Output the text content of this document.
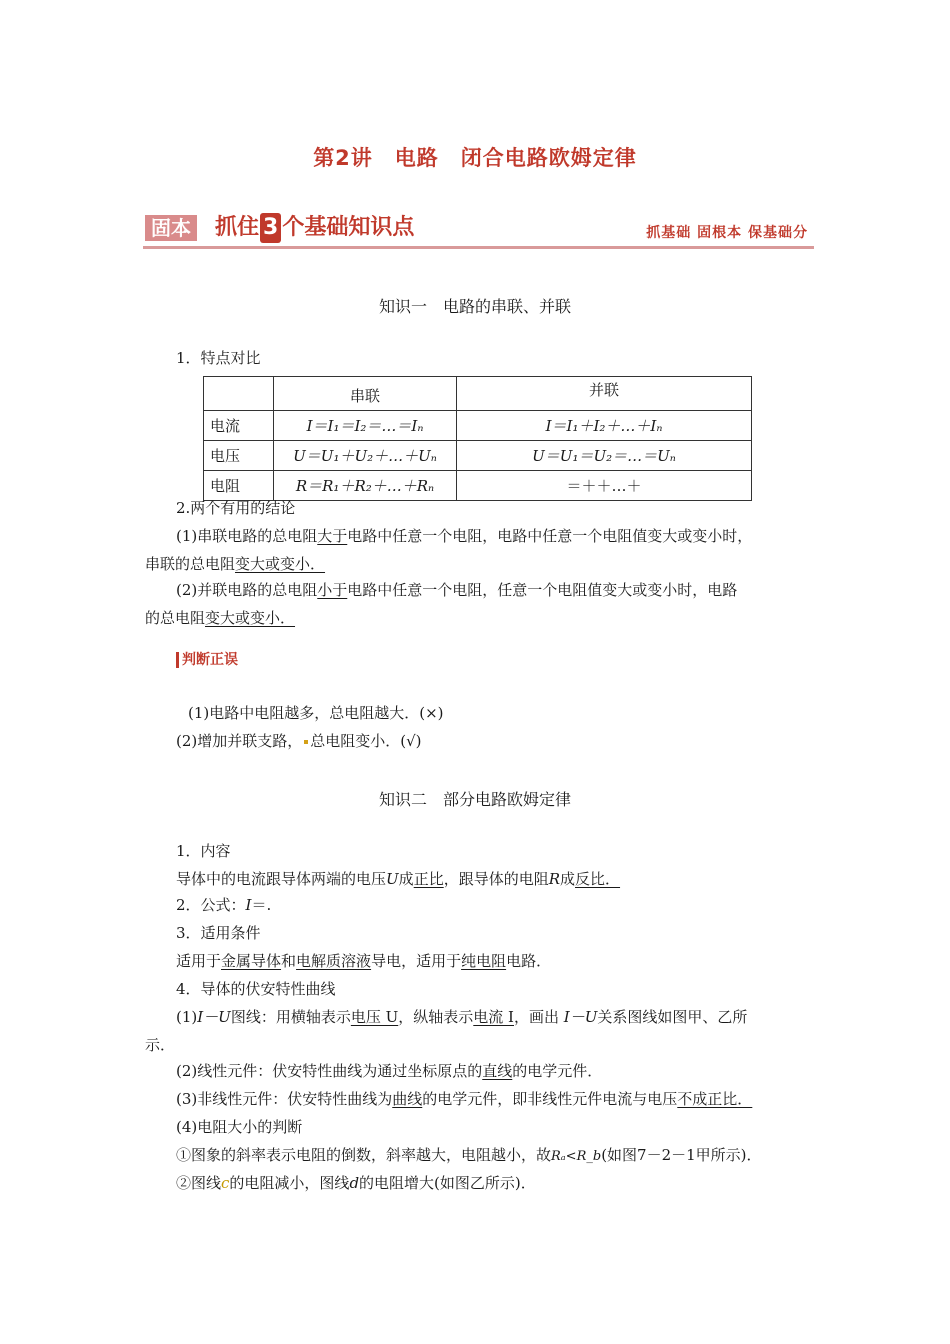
第2讲　电路　闭合电路欧姆定律
固本 抓住 3 个基础知识点	抓基础 固根本 保基础分
知识一　电路的串联、并联
1．特点对比
	串联	并联
电流	I＝I₁＝I₂＝…＝Iₙ	I＝I₁＋I₂＋…＋Iₙ
电压	U＝U₁＋U₂＋…＋Uₙ	U＝U₁＝U₂＝…＝Uₙ
电阻	R＝R₁＋R₂＋…＋Rₙ	＝＋＋…＋
2.两个有用的结论
(1)串联电路的总电阻大于电路中任意一个电阻，电路中任意一个电阻值变大或变小时，
串联的总电阻变大或变小．
(2)并联电路的总电阻小于电路中任意一个电阻，任意一个电阻值变大或变小时，电路
的总电阻变大或变小．
判断正误
(1)电路中电阻越多，总电阻越大．(×)
(2)增加并联支路， 总电阻变小．(√)
知识二　部分电路欧姆定律
1．内容
导体中的电流跟导体两端的电压U成正比，跟导体的电阻R成反比．
2．公式：I＝.
3．适用条件
适用于金属导体和电解质溶液导电，适用于纯电阻电路．
4．导体的伏安特性曲线
(1)I－U图线：用横轴表示电压 U，纵轴表示电流 I，画出 I－U关系图线如图甲、乙所
示．
(2)线性元件：伏安特性曲线为通过坐标原点的直线的电学元件．
(3)非线性元件：伏安特性曲线为曲线的电学元件，即非线性元件电流与电压不成正比．
(4)电阻大小的判断
①图象的斜率表示电阻的倒数，斜率越大，电阻越小，故Rₐ<R_b(如图7－2－1甲所示)．
②图线c的电阻减小，图线d的电阻增大(如图乙所示)．
